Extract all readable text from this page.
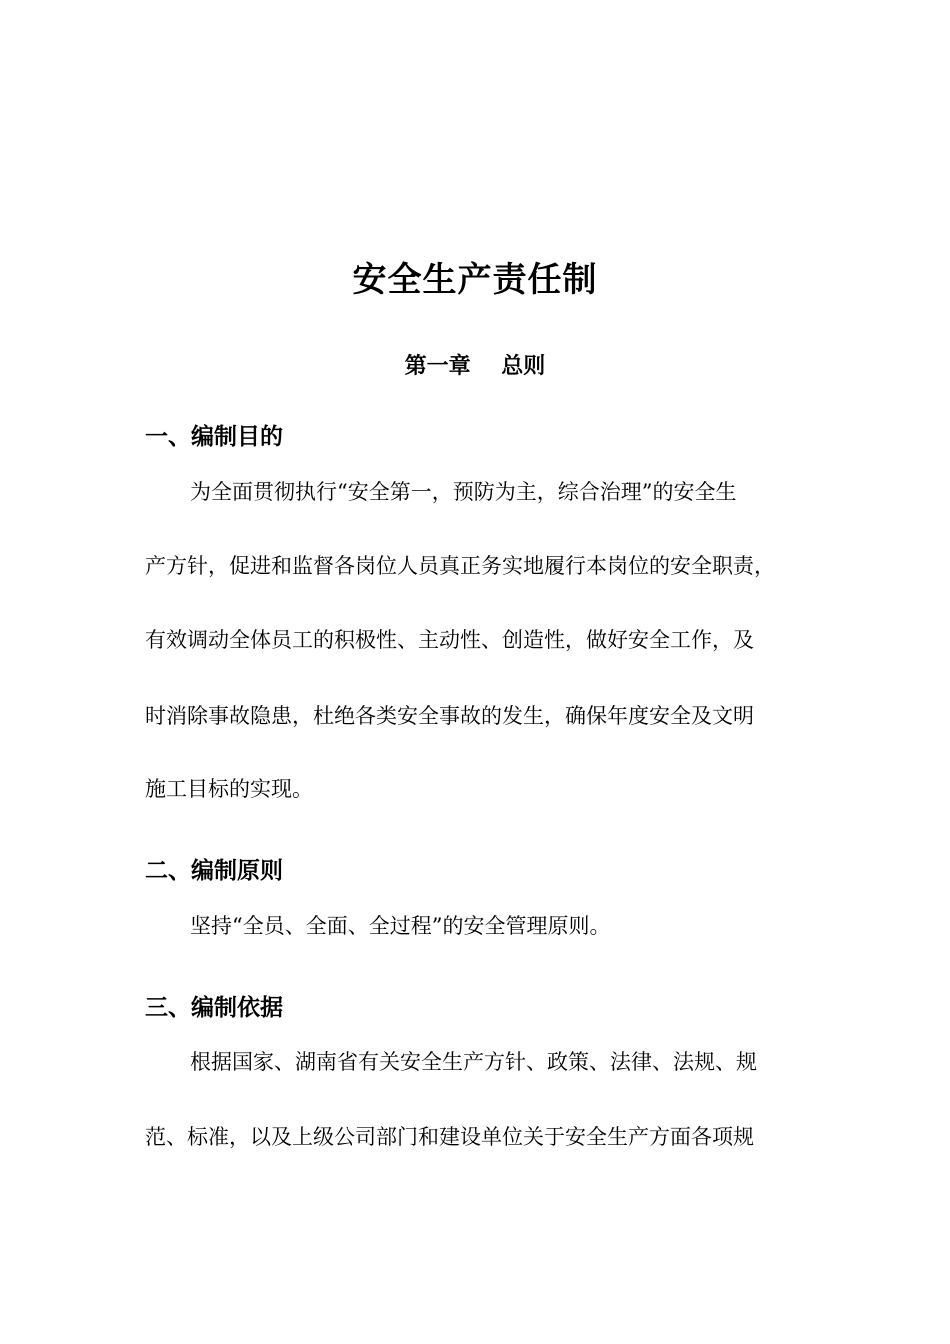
安全生产责任制
第一章    总则
一、编制目的

为全面贯彻执行“安全第一，预防为主，综合治理”的安全生

产方针，促进和监督各岗位人员真正务实地履行本岗位的安全职责，

有效调动全体员工的积极性、主动性、创造性，做好安全工作，及

时消除事故隐患，杜绝各类安全事故的发生，确保年度安全及文明

施工目标的实现。

二、编制原则

坚持“全员、全面、全过程”的安全管理原则。

三、编制依据

根据国家、湖南省有关安全生产方针、政策、法律、法规、规

范、标准，以及上级公司部门和建设单位关于安全生产方面各项规
